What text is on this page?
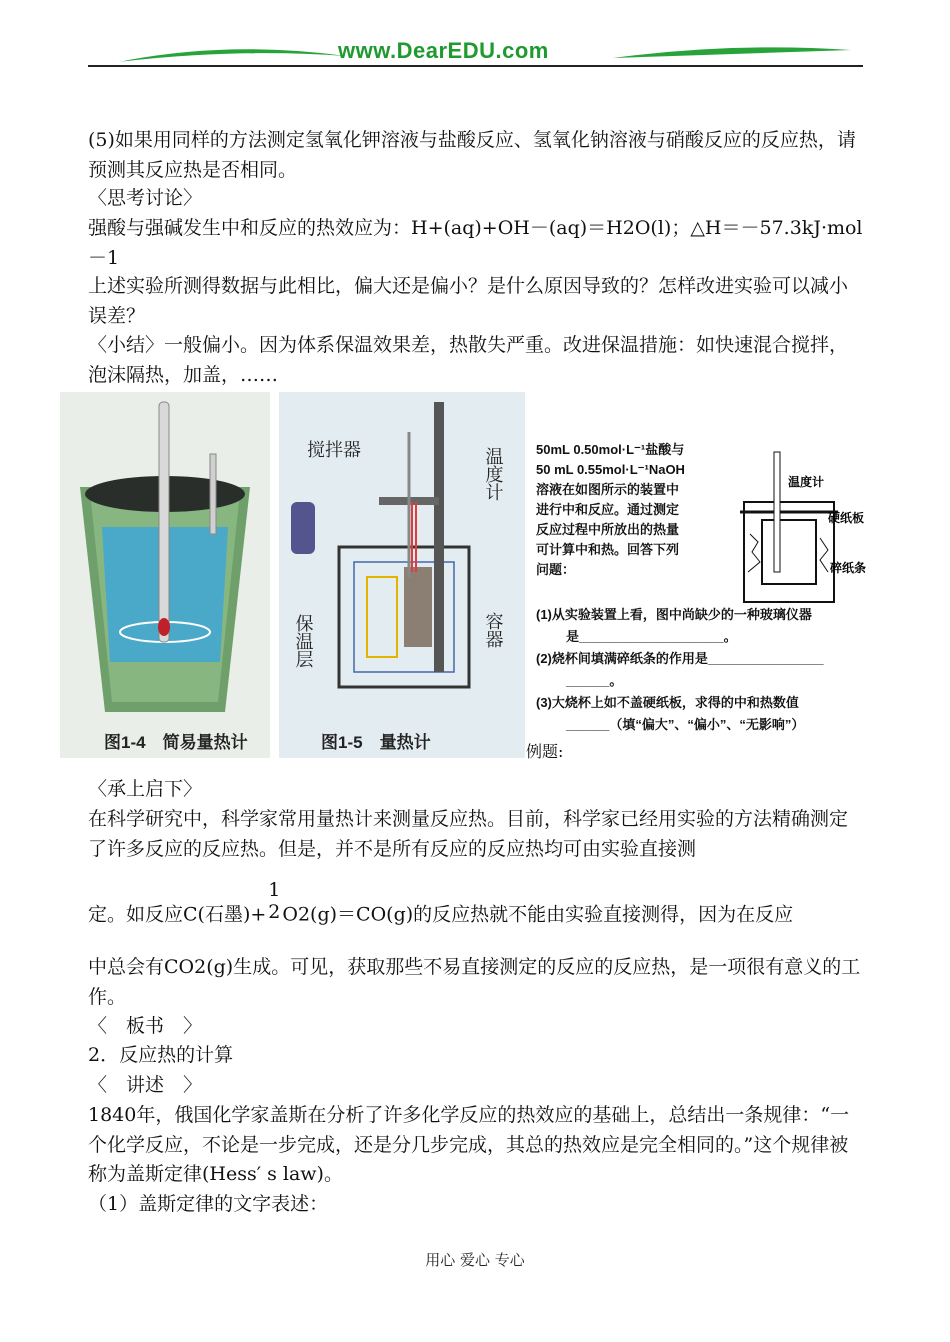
www.DearEDU.com

(5)如果用同样的方法测定氢氧化钾溶液与盐酸反应、氢氧化钠溶液与硝酸反应的反应热，请预测其反应热是否相同。

〈思考讨论〉

强酸与强碱发生中和反应的热效应为：H+(aq)+OH－(aq)＝H2O(l)；△H＝－57.3kJ·mol－1

上述实验所测得数据与此相比，偏大还是偏小？是什么原因导致的？怎样改进实验可以减小误差？

〈小结〉一般偏小。因为体系保温效果差，热散失严重。改进保温措施：如快速混合搅拌，泡沫隔热，加盖，……

图1-4　简易量热计
搅拌器	温度计
保温层	容器
图1-5　量热计
50mL 0.50mol·L⁻¹盐酸与
50 mL 0.55mol·L⁻¹NaOH
溶液在如图所示的装置中
进行中和反应。通过测定
反应过程中所放出的热量
可计算中和热。回答下列
问题：
温度计
硬纸板
碎纸条
(1)从实验装置上看，图中尚缺少的一种玻璃仪器
是____________________。
(2)烧杯间填满碎纸条的作用是________________
______。
(3)大烧杯上如不盖硬纸板，求得的中和热数值
______（填“偏大”、“偏小”、“无影响”）
例题:

〈承上启下〉

在科学研究中，科学家常用量热计来测量反应热。目前，科学家已经用实验的方法精确测定了许多反应的反应热。但是，并不是所有反应的反应热均可由实验直接测

定。如反应C(石墨)+
1
2 O2(g)＝CO(g)的反应热就不能由实验直接测得，因为在反应

中总会有CO2(g)生成。可见，获取那些不易直接测定的反应的反应热，是一项很有意义的工作。

〈　板书　〉

2．反应热的计算

〈　讲述　〉

1840年，俄国化学家盖斯在分析了许多化学反应的热效应的基础上，总结出一条规律：“一个化学反应，不论是一步完成，还是分几步完成，其总的热效应是完全相同的。”这个规律被称为盖斯定律(Hess′ s law)。

（1）盖斯定律的文字表述：

用心 爱心 专心
